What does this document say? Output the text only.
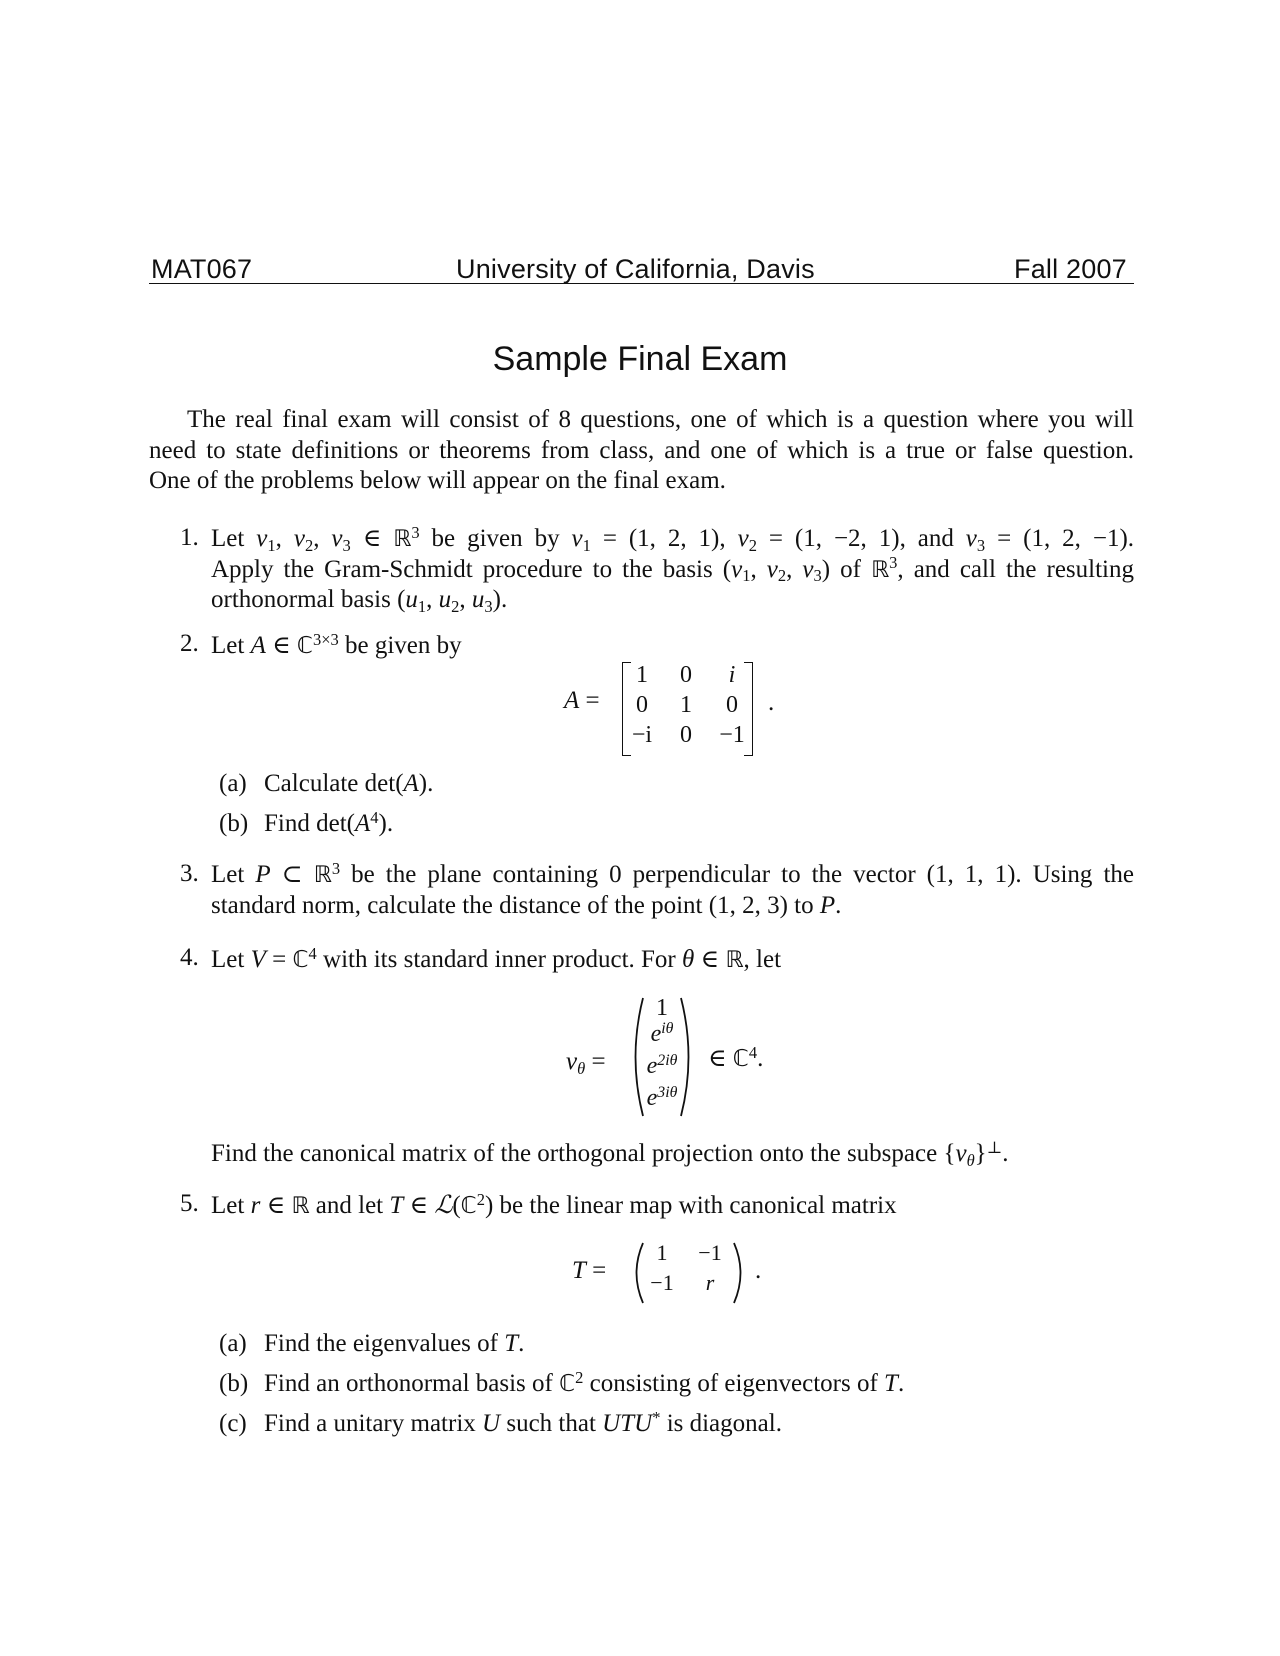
MAT067	University of California, Davis	Fall 2007
Sample Final Exam
The real final exam will consist of 8 questions, one of which is a question where you will
need to state definitions or theorems from class, and one of which is a true or false question.
One of the problems below will appear on the final exam.
1. Let $v_1$, $v_2$, $v_3$ ∈ ℝ$^3$ be given by $v_1 = (1$, 2, 1), $v_2 = (1$, −2, 1), and $v_3 = (1$, 2, −1).
Apply the Gram-Schmidt procedure to the basis ($v_1$, $v_2$, $v_3$) of ℝ$^3$, and call the resulting
orthonormal basis ($u_1$, $u_2$, $u_3$).
2. Let A ∈ ℂ$^{3\times 3}$ be given by
A =
1	0	i
0	1	0
−i	0	−1
.
(a) Calculate det(A).
(b) Find $\det(A^4)$.
3. Let P ⊂ ℝ$^3$ be the plane containing 0 perpendicular to the vector (1, 1, 1). Using the
standard norm, calculate the distance of the point (1, 2, 3) to P.
4. Let V = ℂ$^4$ with its standard inner product. For θ ∈ ℝ, let
$v_\theta$ =
1
$e^{i\theta}$
$e^{2i\theta}$
$e^{3i\theta}$
∈ ℂ$^4$.
Find the canonical matrix of the orthogonal projection onto the subspace $\{v_\theta\}^\perp$.
5. Let r ∈ ℝ and let T ∈ ℒ(ℂ$^2$) be the linear map with canonical matrix
T =
1	−1
−1	r	.
(a) Find the eigenvalues of T.
(b) Find an orthonormal basis of ℂ$^2$ consisting of eigenvectors of T.
(c) Find a unitary matrix U such that UTU* is diagonal.
